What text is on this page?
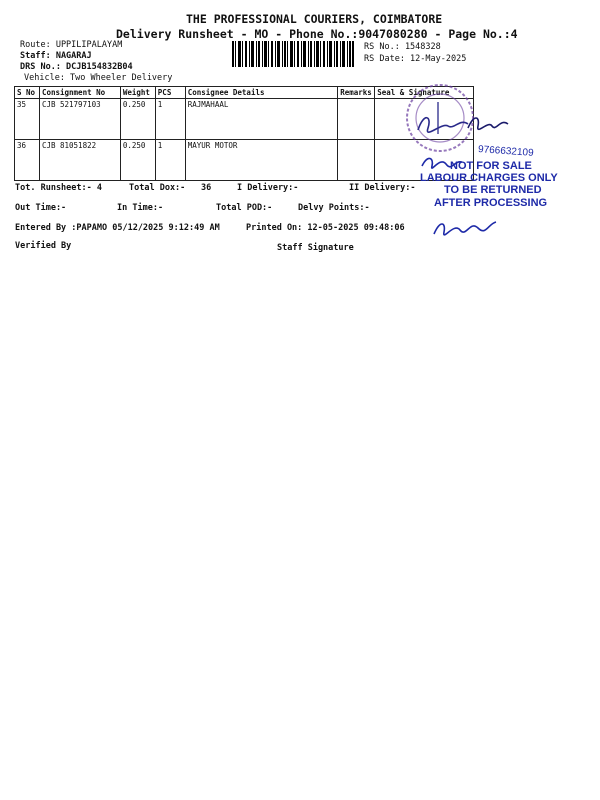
THE PROFESSIONAL COURIERS, COIMBATORE
Delivery Runsheet - MO - Phone No.:9047080280 - Page No.:4
Route: UPPILIPALAYAM
Staff: NAGARAJ
DRS No.: DCJB154832B04
Vehicle: Two Wheeler Delivery
RS No.: 1548328
RS Date: 12-May-2025
S No	Consignment No	Weight	PCS	Consignee Details	Remarks	Seal & Signature
35	CJB 521797103	0.250	1	RAJMAHAAL		
36	CJB 81051822	0.250	1	MAYUR MOTOR			9766632109
NOT FOR SALE
LABOUR CHARGES ONLY
TO BE RETURNED
AFTER PROCESSING
Tot. Runsheet:- 4	Total Dox:- 36	I Delivery:-	II Delivery:-
Out Time:-	In Time:-	Total POD:-	Delvy Points:-
Entered By :PAPAMO 05/12/2025 9:12:49 AM	Printed On: 12-05-2025 09:48:06
Verified By	Staff Signature
